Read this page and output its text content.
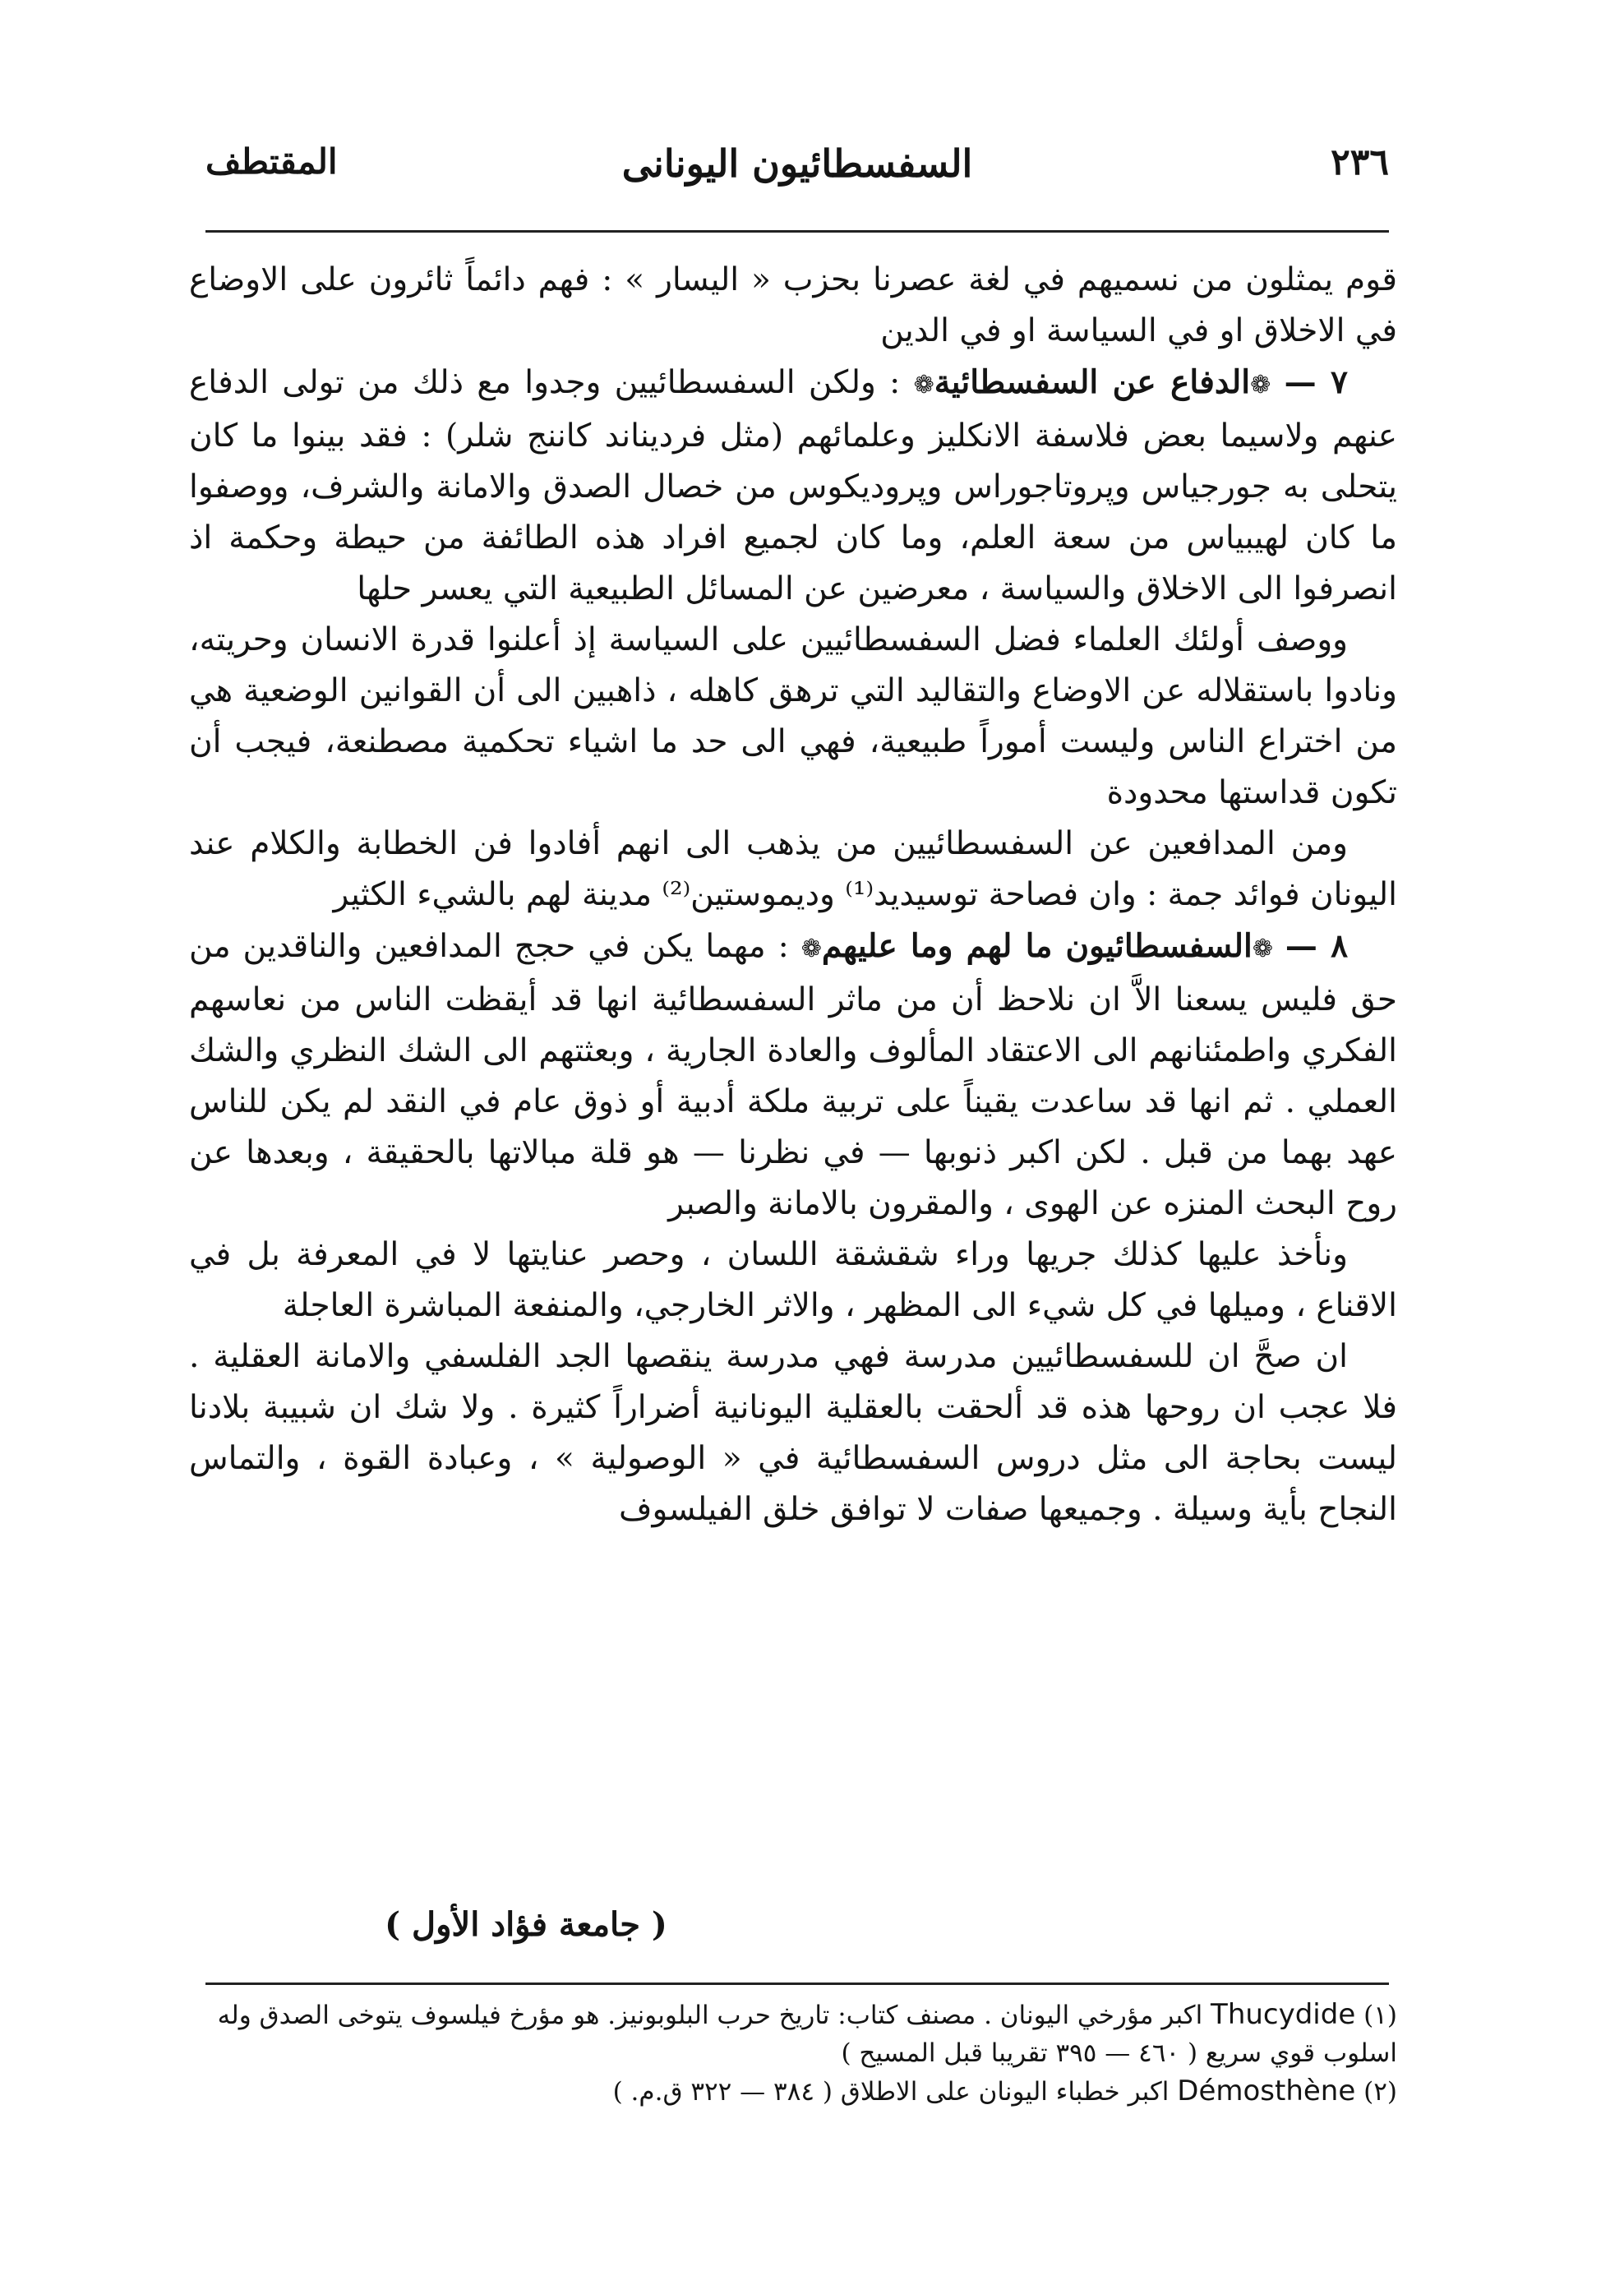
٢٣٦
السفسطائيون اليونانى
المقتطف

قوم يمثلون من نسميهم في لغة عصرنا بحزب « اليسار » : فهم دائماً ثائرون على الاوضاع في الاخلاق او في السياسة او في الدين

٧ — ❁الدفاع عن السفسطائية❁ : ولكن السفسطائيين وجدوا مع ذلك من تولى الدفاع عنهم ولاسيما بعض فلاسفة الانكليز وعلمائهم (مثل فرديناند كاننج شلر) : فقد بينوا ما كان يتحلى به جورجياس وپروتاجوراس وپروديكوس من خصال الصدق والامانة والشرف، ووصفوا ما كان لهيبياس من سعة العلم، وما كان لجميع افراد هذه الطائفة من حيطة وحكمة اذ انصرفوا الى الاخلاق والسياسة ، معرضين عن المسائل الطبيعية التي يعسر حلها

ووصف أولئك العلماء فضل السفسطائيين على السياسة إذ أعلنوا قدرة الانسان وحريته، ونادوا باستقلاله عن الاوضاع والتقاليد التي ترهق كاهله ، ذاهبين الى أن القوانين الوضعية هي من اختراع الناس وليست أموراً طبيعية، فهي الى حد ما اشياء تحكمية مصطنعة، فيجب أن تكون قداستها محدودة

ومن المدافعين عن السفسطائيين من يذهب الى انهم أفادوا فن الخطابة والكلام عند اليونان فوائد جمة : وان فصاحة توسيديد⁽¹⁾ وديموستين⁽²⁾ مدينة لهم بالشيء الكثير

٨ — ❁السفسطائيون ما لهم وما عليهم❁ : مهما يكن في حجج المدافعين والناقدين من حق فليس يسعنا الاَّ ان نلاحظ أن من ماثر السفسطائية انها قد أيقظت الناس من نعاسهم الفكري واطمئنانهم الى الاعتقاد المألوف والعادة الجارية ، وبعثتهم الى الشك النظري والشك العملي . ثم انها قد ساعدت يقيناً على تربية ملكة أدبية أو ذوق عام في النقد لم يكن للناس عهد بهما من قبل . لكن اكبر ذنوبها — في نظرنا — هو قلة مبالاتها بالحقيقة ، وبعدها عن روح البحث المنزه عن الهوى ، والمقرون بالامانة والصبر

ونأخذ عليها كذلك جريها وراء شقشقة اللسان ، وحصر عنايتها لا في المعرفة بل في الاقناع ، وميلها في كل شيء الى المظهر ، والاثر الخارجي، والمنفعة المباشرة العاجلة

ان صحَّ ان للسفسطائيين مدرسة فهي مدرسة ينقصها الجد الفلسفي والامانة العقلية . فلا عجب ان روحها هذه قد ألحقت بالعقلية اليونانية أضراراً كثيرة . ولا شك ان شبيبة بلادنا ليست بحاجة الى مثل دروس السفسطائية في « الوصولية » ، وعبادة القوة ، والتماس النجاح بأية وسيلة . وجميعها صفات لا توافق خلق الفيلسوف

( جامعة فؤاد الأول )

(١) Thucydide اكبر مؤرخي اليونان . مصنف كتاب: تاريخ حرب البلوبونيز. هو مؤرخ فيلسوف يتوخى الصدق وله اسلوب قوي سريع ( ٤٦٠ — ٣٩٥ تقريبا قبل المسيح )

(٢) Démosthène اكبر خطباء اليونان على الاطلاق ( ٣٨٤ — ٣٢٢ ق.م. )
